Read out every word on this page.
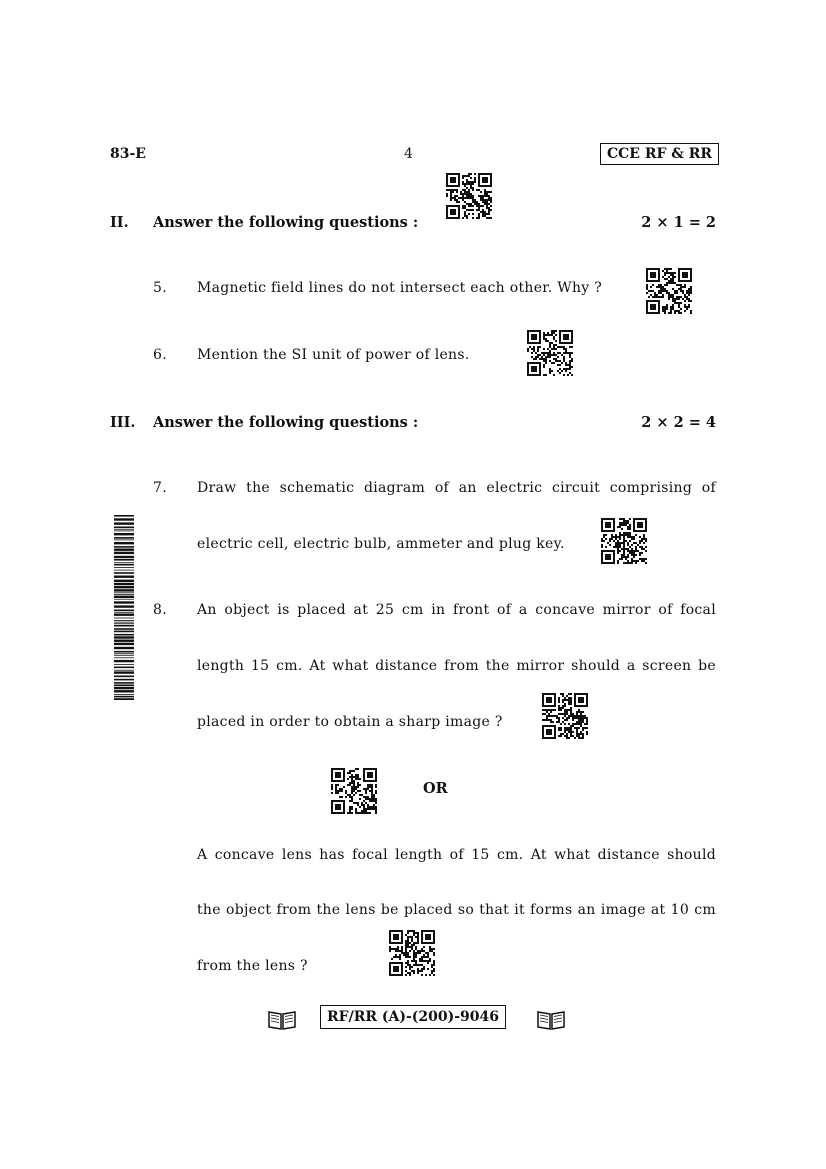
83-E	4	CCE RF & RR
II. Answer the following questions :	2 × 1 = 2
5. Magnetic field lines do not intersect each other. Why ?
6. Mention the SI unit of power of lens.
III. Answer the following questions :	2 × 2 = 4
7. Draw the schematic diagram of an electric circuit comprising of
electric cell, electric bulb, ammeter and plug key.
8. An object is placed at 25 cm in front of a concave mirror of focal
length 15 cm. At what distance from the mirror should a screen be
placed in order to obtain a sharp image ?
OR
A concave lens has focal length of 15 cm. At what distance should
the object from the lens be placed so that it forms an image at 10 cm
from the lens ?
RF/RR (A)-(200)-9046
